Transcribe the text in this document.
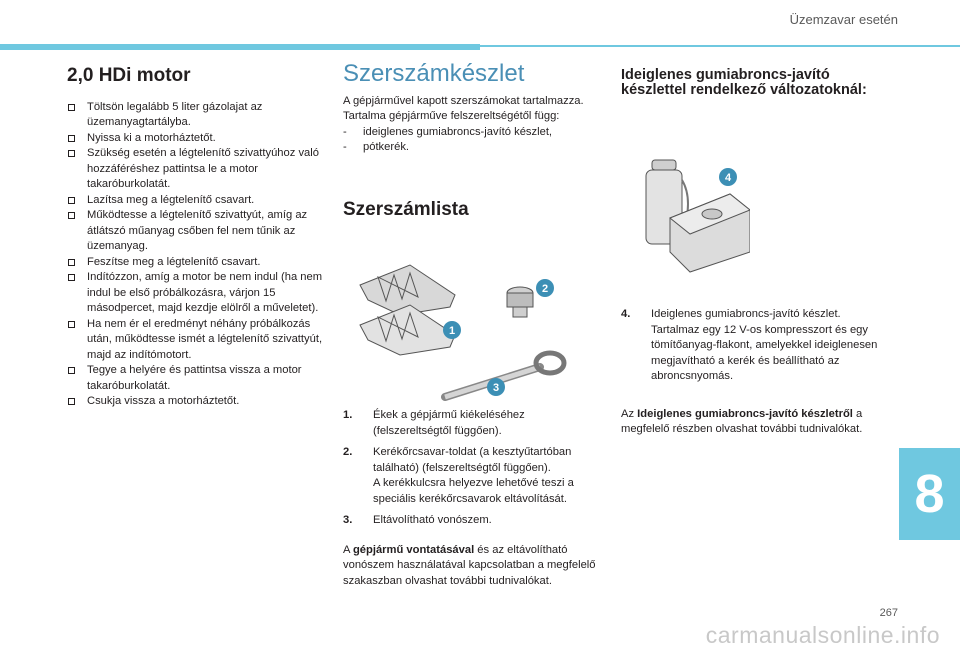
Üzemzavar esetén
2,0 HDi motor
Töltsön legalább 5 liter gázolajat az üzemanyagtartályba.
Nyissa ki a motorháztetőt.
Szükség esetén a légtelenítő szivattyúhoz való hozzáféréshez pattintsa le a motor takaróburkolatát.
Lazítsa meg a légtelenítő csavart.
Működtesse a légtelenítő szivattyút, amíg az átlátszó műanyag csőben fel nem tűnik az üzemanyag.
Feszítse meg a légtelenítő csavart.
Indítózzon, amíg a motor be nem indul (ha nem indul be első próbálkozásra, várjon 15 másodpercet, majd kezdje elölről a műveletet).
Ha nem ér el eredményt néhány próbálkozás után, működtesse ismét a légtelenítő szivattyút, majd az indítómotort.
Tegye a helyére és pattintsa vissza a motor takaróburkolatát.
Csukja vissza a motorháztetőt.
Szerszámkészlet

A gépjárművel kapott szerszámokat tartalmazza.

Tartalma gépjárműve felszereltségétől függ:

- ideiglenes gumiabroncs-javító készlet,
- pótkerék.
Szerszámlista
1
2
3
1. Ékek a gépjármű kiékeléséhez (felszereltségtől függően).
2. Kerékőrcsavar-toldat (a kesztyűtartóban található) (felszereltségtől függően).
A kerékkulcsra helyezve lehetővé teszi a speciális kerékőrcsavarok eltávolítását.
3. Eltávolítható vonószem.

A gépjármű vontatásával és az eltávolítható vonószem használatával kapcsolatban a megfelelő szakaszban olvashat további tudnivalókat.

Ideiglenes gumiabroncs-javító készlettel rendelkező változatoknál:
4
4. Ideiglenes gumiabroncs-javító készlet. Tartalmaz egy 12 V-os kompresszort és egy tömítőanyag-flakont, amelyekkel ideiglenesen megjavítható a kerék és beállítható az abroncsnyomás.

Az Ideiglenes gumiabroncs-javító készletről a megfelelő részben olvashat további tudnivalókat.

8
267
carmanualsonline.info
